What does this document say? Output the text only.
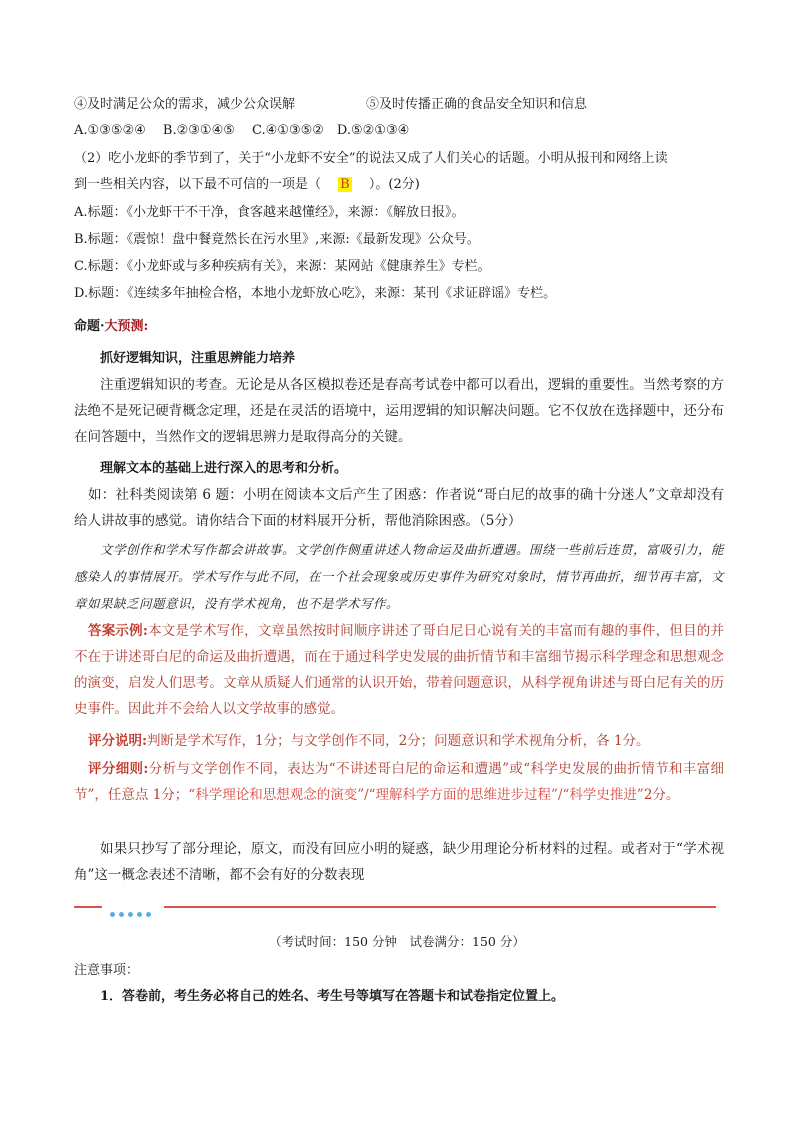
④及时满足公众的需求，减少公众误解	⑤及时传播正确的食品安全知识和信息
A.①③⑤②④　 B.②③①④⑤　 C.④①③⑤②　D.⑤②①③④
（2）吃小龙虾的季节到了，关于“小龙虾不安全”的说法又成了人们关心的话题。小明从报刊和网络上读
到一些相关内容，以下最不可信的一项是（ 　 B 　）。(2分)
A.标题：《小龙虾干不干净，食客越来越懂经》，来源：《解放日报》。
B.标题：《震惊！盘中餐竟然长在污水里》,来源:《最新发现》公众号。
C.标题：《小龙虾或与多种疾病有关》，来源：某网站《健康养生》专栏。
D.标题：《连续多年抽检合格，本地小龙虾放心吃》，来源：某刊《求证辟谣》专栏。
命题·大预测:
抓好逻辑知识，注重思辨能力培养
注重逻辑知识的考查。无论是从各区模拟卷还是春高考试卷中都可以看出，逻辑的重要性。当然考察的方法绝不是死记硬背概念定理，还是在灵活的语境中，运用逻辑的知识解决问题。它不仅放在选择题中，还分布在问答题中，当然作文的逻辑思辨力是取得高分的关键。
理解文本的基础上进行深入的思考和分析。
如：社科类阅读第 6 题：小明在阅读本文后产生了困惑：作者说“哥白尼的故事的确十分迷人”文章却没有给人讲故事的感觉。请你结合下面的材料展开分析，帮他消除困惑。（5分）
文学创作和学术写作都会讲故事。文学创作侧重讲述人物命运及曲折遭遇。围绕一些前后连贯，富吸引力，能感染人的事情展开。学术写作与此不同，在一个社会现象或历史事件为研究对象时，情节再曲折，细节再丰富，文章如果缺乏问题意识，没有学术视角，也不是学术写作。
答案示例:本文是学术写作，文章虽然按时间顺序讲述了哥白尼日心说有关的丰富而有趣的事件，但目的并不在于讲述哥白尼的命运及曲折遭遇，而在于通过科学史发展的曲折情节和丰富细节揭示科学理念和思想观念的演变，启发人们思考。文章从质疑人们通常的认识开始，带着问题意识，从科学视角讲述与哥白尼有关的历史事件。因此并不会给人以文学故事的感觉。
评分说明:判断是学术写作，1分；与文学创作不同，2分；问题意识和学术视角分析，各 1分。
评分细则:分析与文学创作不同，表达为“不讲述哥白尼的命运和遭遇”或“科学史发展的曲折情节和丰富细节”，任意点 1分；“科学理论和思想观念的演变”/“理解科学方面的思维进步过程”/“科学史推进”2分。
如果只抄写了部分理论，原文，而没有回应小明的疑惑，缺少用理论分析材料的过程。或者对于“学术视角”这一概念表述不清晰，都不会有好的分数表现
（考试时间：150 分钟　试卷满分：150 分）
注意事项：
1．答卷前，考生务必将自己的姓名、考生号等填写在答题卡和试卷指定位置上。
